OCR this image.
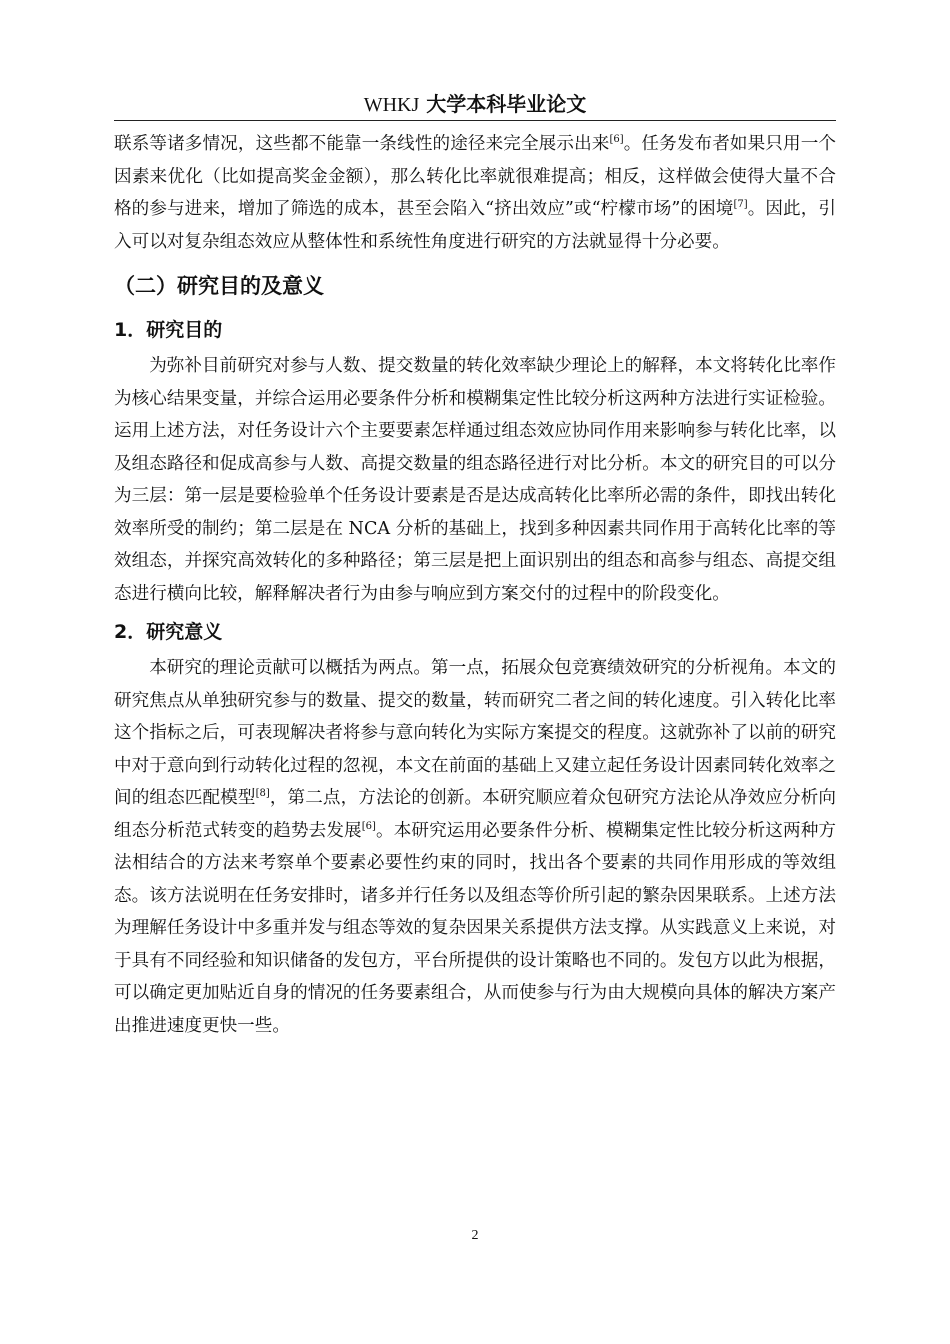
WHKJ 大学本科毕业论文

联系等诸多情况，这些都不能靠一条线性的途径来完全展示出来[6]。任务发布者如果只用一个因素来优化（比如提高奖金金额），那么转化比率就很难提高；相反，这样做会使得大量不合格的参与进来，增加了筛选的成本，甚至会陷入“挤出效应”或“柠檬市场”的困境[7]。因此，引入可以对复杂组态效应从整体性和系统性角度进行研究的方法就显得十分必要。

（二）研究目的及意义
1．研究目的

为弥补目前研究对参与人数、提交数量的转化效率缺少理论上的解释，本文将转化比率作为核心结果变量，并综合运用必要条件分析和模糊集定性比较分析这两种方法进行实证检验。运用上述方法，对任务设计六个主要要素怎样通过组态效应协同作用来影响参与转化比率，以及组态路径和促成高参与人数、高提交数量的组态路径进行对比分析。本文的研究目的可以分为三层：第一层是要检验单个任务设计要素是否是达成高转化比率所必需的条件，即找出转化效率所受的制约；第二层是在 NCA 分析的基础上，找到多种因素共同作用于高转化比率的等效组态，并探究高效转化的多种路径；第三层是把上面识别出的组态和高参与组态、高提交组态进行横向比较，解释解决者行为由参与响应到方案交付的过程中的阶段变化。

2．研究意义

本研究的理论贡献可以概括为两点。第一点，拓展众包竞赛绩效研究的分析视角。本文的研究焦点从单独研究参与的数量、提交的数量，转而研究二者之间的转化速度。引入转化比率这个指标之后，可表现解决者将参与意向转化为实际方案提交的程度。这就弥补了以前的研究中对于意向到行动转化过程的忽视，本文在前面的基础上又建立起任务设计因素同转化效率之间的组态匹配模型[8]，第二点，方法论的创新。本研究顺应着众包研究方法论从净效应分析向组态分析范式转变的趋势去发展[6]。本研究运用必要条件分析、模糊集定性比较分析这两种方法相结合的方法来考察单个要素必要性约束的同时，找出各个要素的共同作用形成的等效组态。该方法说明在任务安排时，诸多并行任务以及组态等价所引起的繁杂因果联系。上述方法为理解任务设计中多重并发与组态等效的复杂因果关系提供方法支撑。从实践意义上来说，对于具有不同经验和知识储备的发包方，平台所提供的设计策略也不同的。发包方以此为根据，可以确定更加贴近自身的情况的任务要素组合，从而使参与行为由大规模向具体的解决方案产出推进速度更快一些。

2
